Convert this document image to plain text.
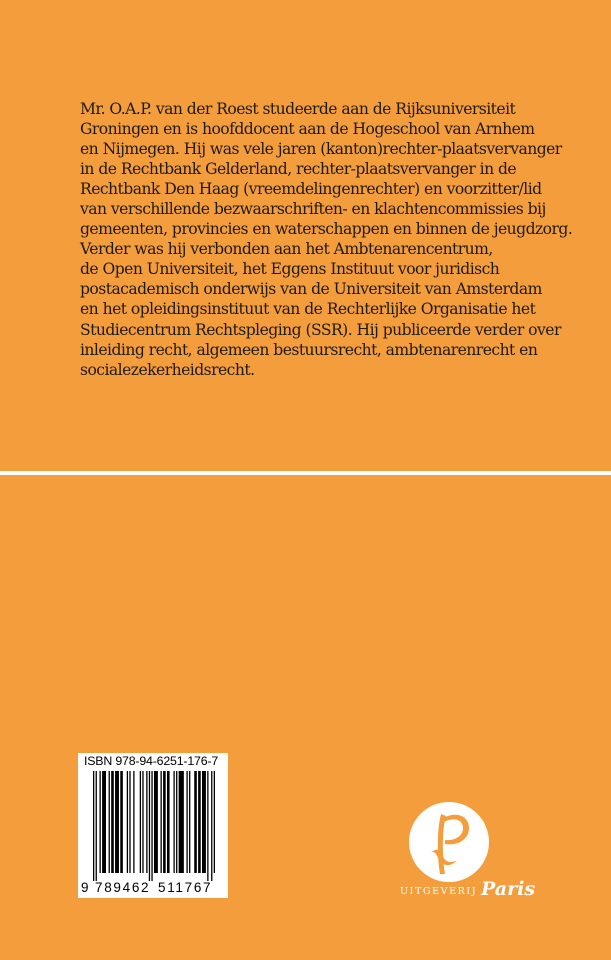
Mr. O.A.P. van der Roest studeerde aan de Rijksuniversiteit
Groningen en is hoofddocent aan de Hogeschool van Arnhem
en Nijmegen. Hij was vele jaren (kanton)rechter-plaatsvervanger
in de Rechtbank Gelderland, rechter-plaatsvervanger in de
Rechtbank Den Haag (vreemdelingenrechter) en voorzitter/lid
van verschillende bezwaarschriften- en klachtencommissies bij
gemeenten, provincies en waterschappen en binnen de jeugdzorg.
Verder was hij verbonden aan het Ambtenarencentrum,
de Open Universiteit, het Eggens Instituut voor juridisch
postacademisch onderwijs van de Universiteit van Amsterdam
en het opleidingsinstituut van de Rechterlijke Organisatie het
Studiecentrum Rechtspleging (SSR). Hij publiceerde verder over
inleiding recht, algemeen bestuursrecht, ambtenarenrecht en
socialezekerheidsrecht.
ISBN 978-94-6251-176-7
9 789462 511767	UITGEVERIJ Paris
